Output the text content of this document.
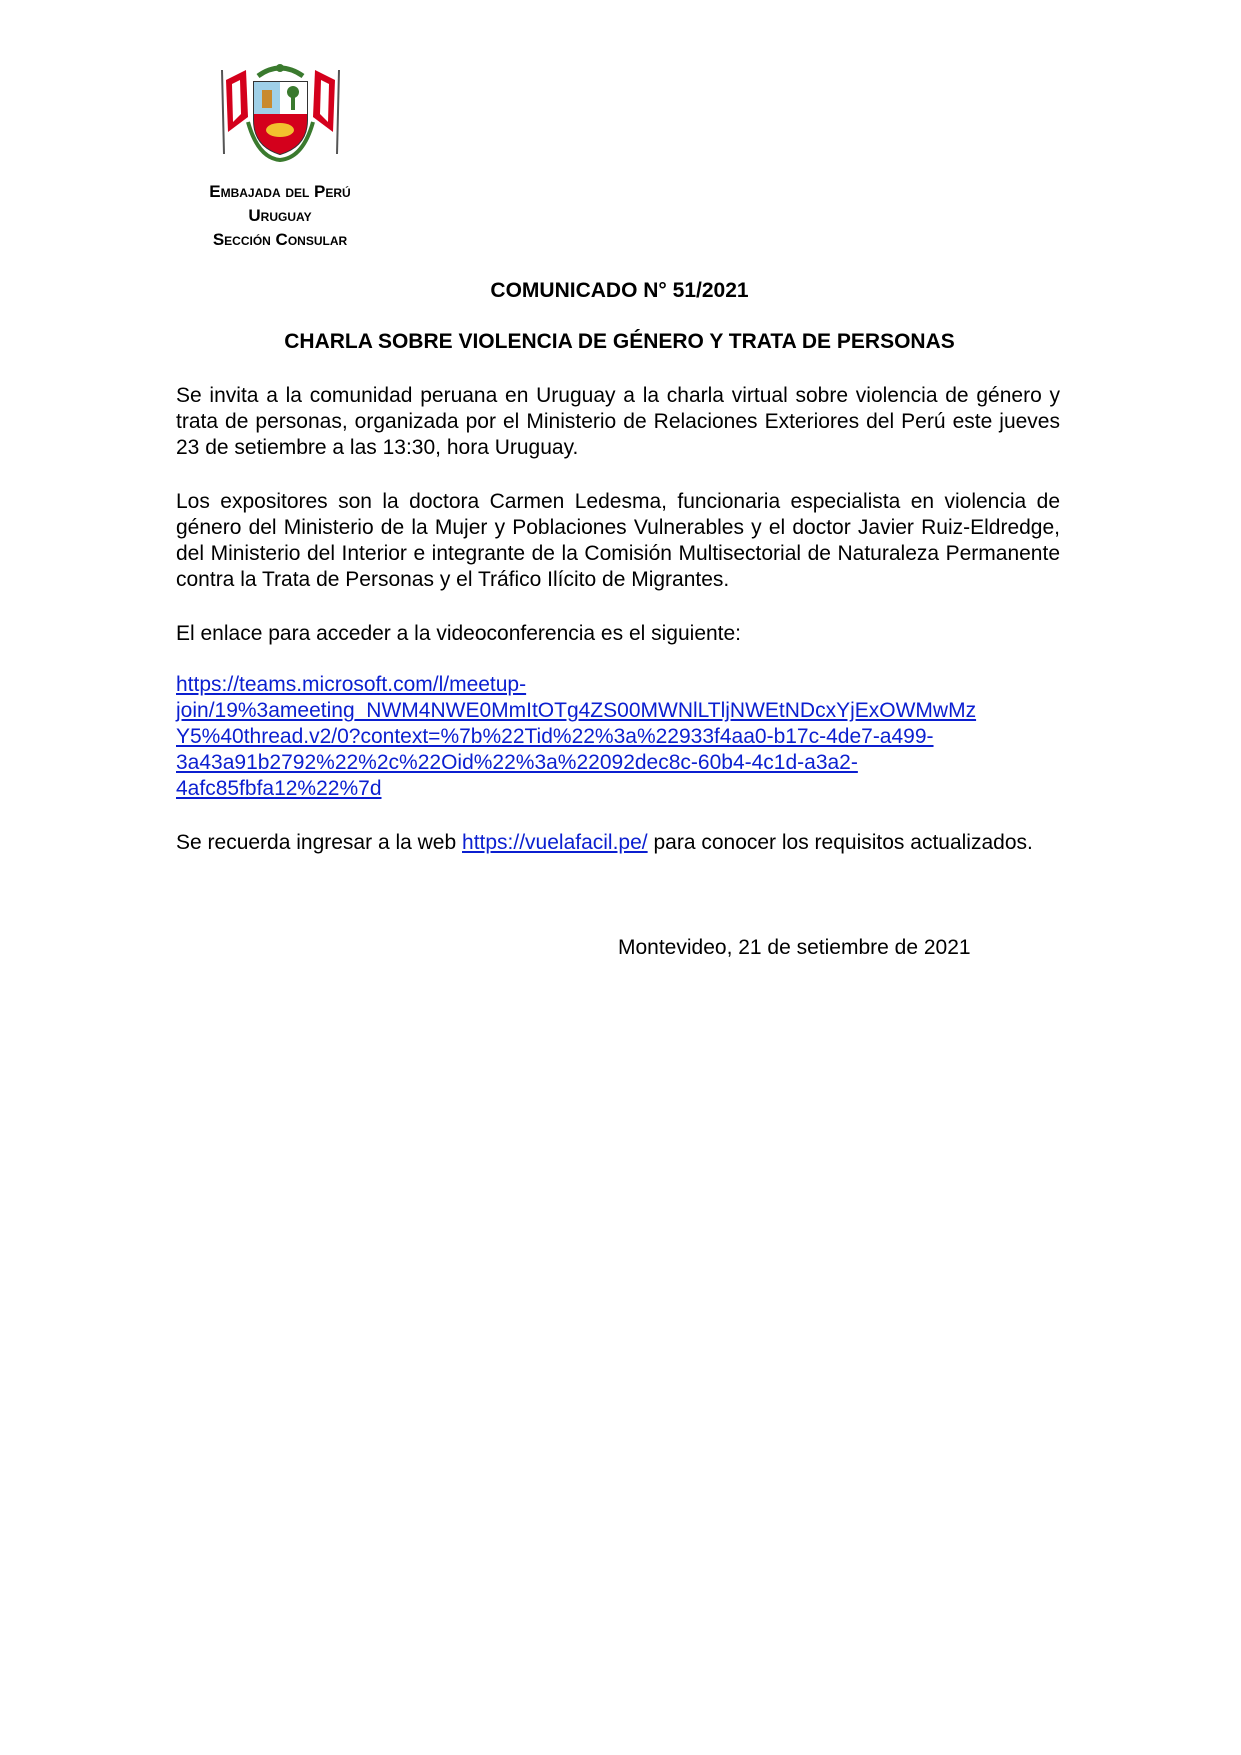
Embajada del Perú
Uruguay
Sección Consular
COMUNICADO N° 51/2021
CHARLA SOBRE VIOLENCIA DE GÉNERO Y TRATA DE PERSONAS
Se invita a la comunidad peruana en Uruguay a la charla virtual sobre violencia de género y trata de personas, organizada por el Ministerio de Relaciones Exteriores del Perú este jueves 23 de setiembre a las 13:30, hora Uruguay.
Los expositores son la doctora Carmen Ledesma, funcionaria especialista en violencia de género del Ministerio de la Mujer y Poblaciones Vulnerables y el doctor Javier Ruiz-Eldredge, del Ministerio del Interior e integrante de la Comisión Multisectorial de Naturaleza Permanente contra la Trata de Personas y el Tráfico Ilícito de Migrantes.
El enlace para acceder a la videoconferencia es el siguiente:
https://teams.microsoft.com/l/meetup-
join/19%3ameeting_NWM4NWE0MmItOTg4ZS00MWNlLTljNWEtNDcxYjExOWMwMz
Y5%40thread.v2/0?context=%7b%22Tid%22%3a%22933f4aa0-b17c-4de7-a499-
3a43a91b2792%22%2c%22Oid%22%3a%22092dec8c-60b4-4c1d-a3a2-
4afc85fbfa12%22%7d
Se recuerda ingresar a la web https://vuelafacil.pe/ para conocer los requisitos actualizados.
Montevideo, 21 de setiembre de 2021
